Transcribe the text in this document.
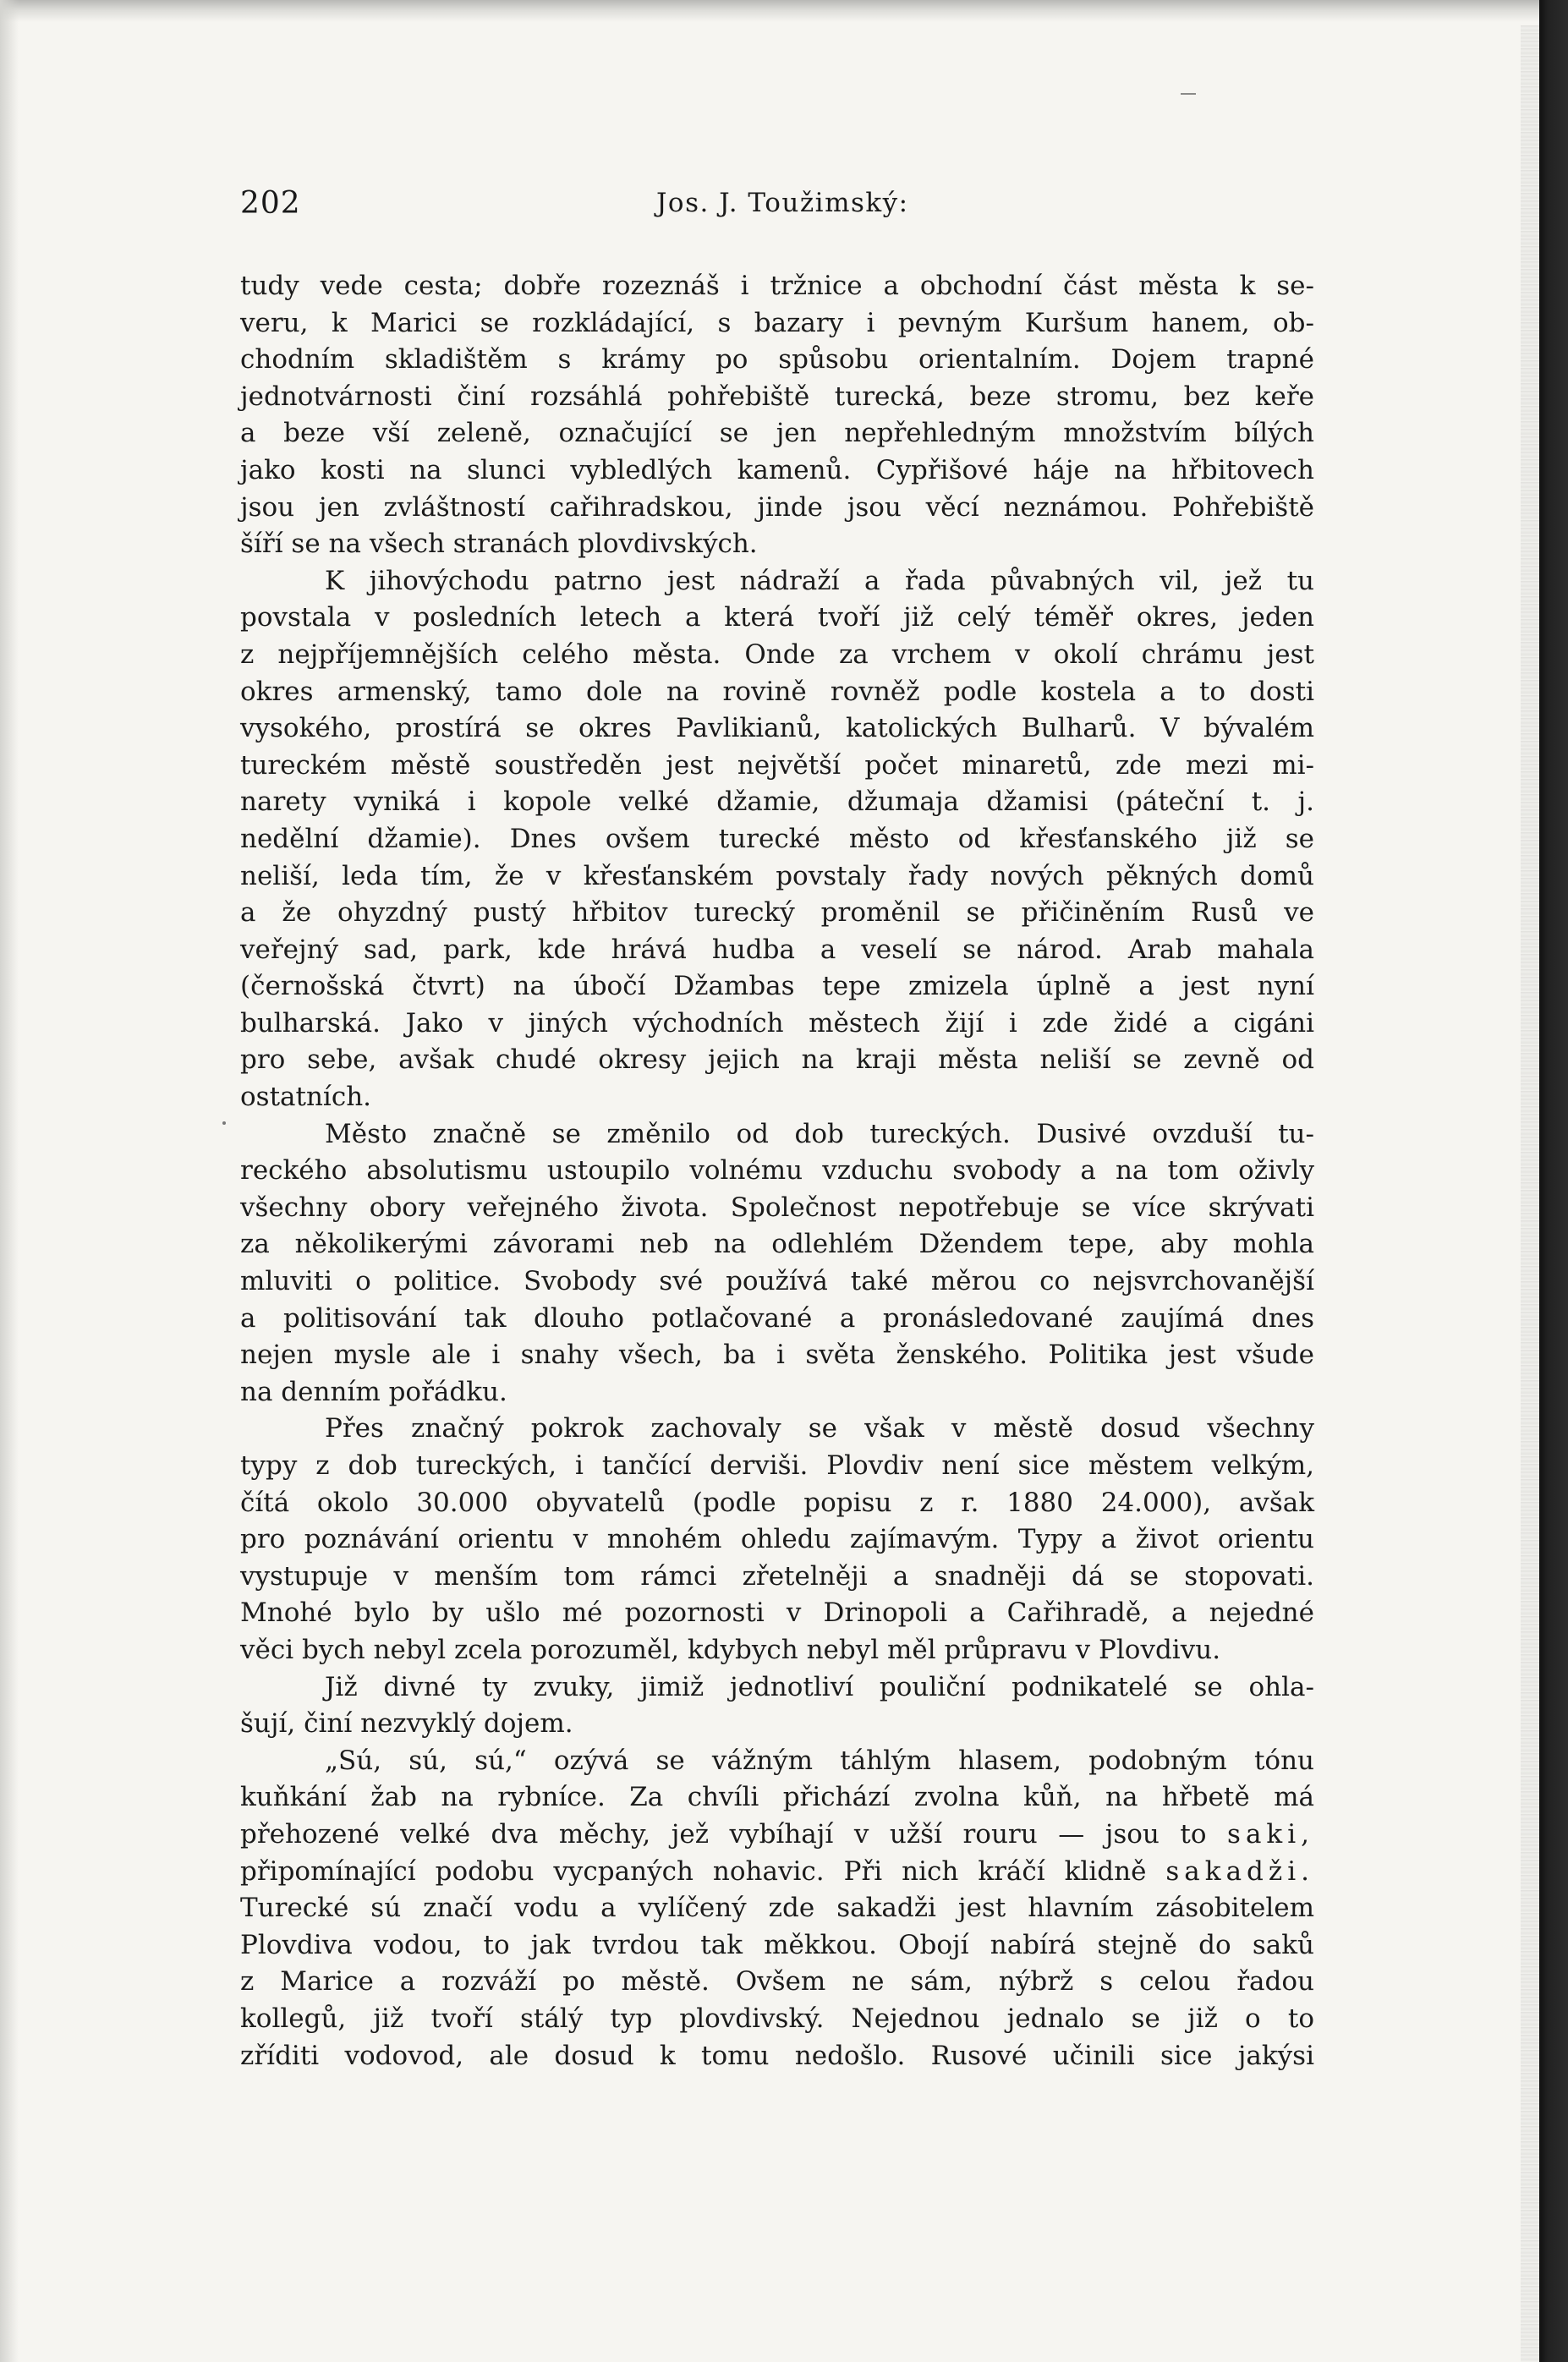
202	Jos. J. Toužimský:
tudy vede cesta; dobře rozeznáš i tržnice a obchodní část města k se-
veru, k Marici se rozkládající, s bazary i pevným Kuršum hanem, ob-
chodním skladištěm s krámy po spůsobu orientalním. Dojem trapné
jednotvárnosti činí rozsáhlá pohřebiště turecká, beze stromu, bez keře
a beze vší zeleně, označující se jen nepřehledným množstvím bílých
jako kosti na slunci vybledlých kamenů. Cypřišové háje na hřbitovech
jsou jen zvláštností cařihradskou, jinde jsou věcí neznámou. Pohřebiště
šíří se na všech stranách plovdivských.
K jihovýchodu patrno jest nádraží a řada půvabných vil, jež tu
povstala v posledních letech a která tvoří již celý téměř okres, jeden
z nejpříjemnějších celého města. Onde za vrchem v okolí chrámu jest
okres armenský, tamo dole na rovině rovněž podle kostela a to dosti
vysokého, prostírá se okres Pavlikianů, katolických Bulharů. V bývalém
tureckém městě soustředěn jest největší počet minaretů, zde mezi mi-
narety vyniká i kopole velké džamie, džumaja džamisi (páteční t. j.
nedělní džamie). Dnes ovšem turecké město od křesťanského již se
neliší, leda tím, že v křesťanském povstaly řady nových pěkných domů
a že ohyzdný pustý hřbitov turecký proměnil se přičiněním Rusů ve
veřejný sad, park, kde hrává hudba a veselí se národ. Arab mahala
(černošská čtvrt) na úbočí Džambas tepe zmizela úplně a jest nyní
bulharská. Jako v jiných východních městech žijí i zde židé a cigáni
pro sebe, avšak chudé okresy jejich na kraji města neliší se zevně od
ostatních.
Město značně se změnilo od dob tureckých. Dusivé ovzduší tu-
reckého absolutismu ustoupilo volnému vzduchu svobody a na tom oživly
všechny obory veřejného života. Společnost nepotřebuje se více skrývati
za několikerými závorami neb na odlehlém Džendem tepe, aby mohla
mluviti o politice. Svobody své používá také měrou co nejsvrchovanější
a politisování tak dlouho potlačované a pronásledované zaujímá dnes
nejen mysle ale i snahy všech, ba i světa ženského. Politika jest všude
na denním pořádku.
Přes značný pokrok zachovaly se však v městě dosud všechny
typy z dob tureckých, i tančící derviši. Plovdiv není sice městem velkým,
čítá okolo 30.000 obyvatelů (podle popisu z r. 1880 24.000), avšak
pro poznávání orientu v mnohém ohledu zajímavým. Typy a život orientu
vystupuje v menším tom rámci zřetelněji a snadněji dá se stopovati.
Mnohé bylo by ušlo mé pozornosti v Drinopoli a Cařihradě, a nejedné
věci bych nebyl zcela porozuměl, kdybych nebyl měl průpravu v Plovdivu.
Již divné ty zvuky, jimiž jednotliví pouliční podnikatelé se ohla-
šují, činí nezvyklý dojem.
„Sú, sú, sú,“ ozývá se vážným táhlým hlasem, podobným tónu
kuňkání žab na rybníce. Za chvíli přichází zvolna kůň, na hřbetě má
přehozené velké dva měchy, jež vybíhají v užší rouru — jsou to saki,
připomínající podobu vycpaných nohavic. Při nich kráčí klidně sakadži.
Turecké sú značí vodu a vylíčený zde sakadži jest hlavním zásobitelem
Plovdiva vodou, to jak tvrdou tak měkkou. Obojí nabírá stejně do saků
z Marice a rozváží po městě. Ovšem ne sám, nýbrž s celou řadou
kollegů, již tvoří stálý typ plovdivský. Nejednou jednalo se již o to
zříditi vodovod, ale dosud k tomu nedošlo. Rusové učinili sice jakýsi
